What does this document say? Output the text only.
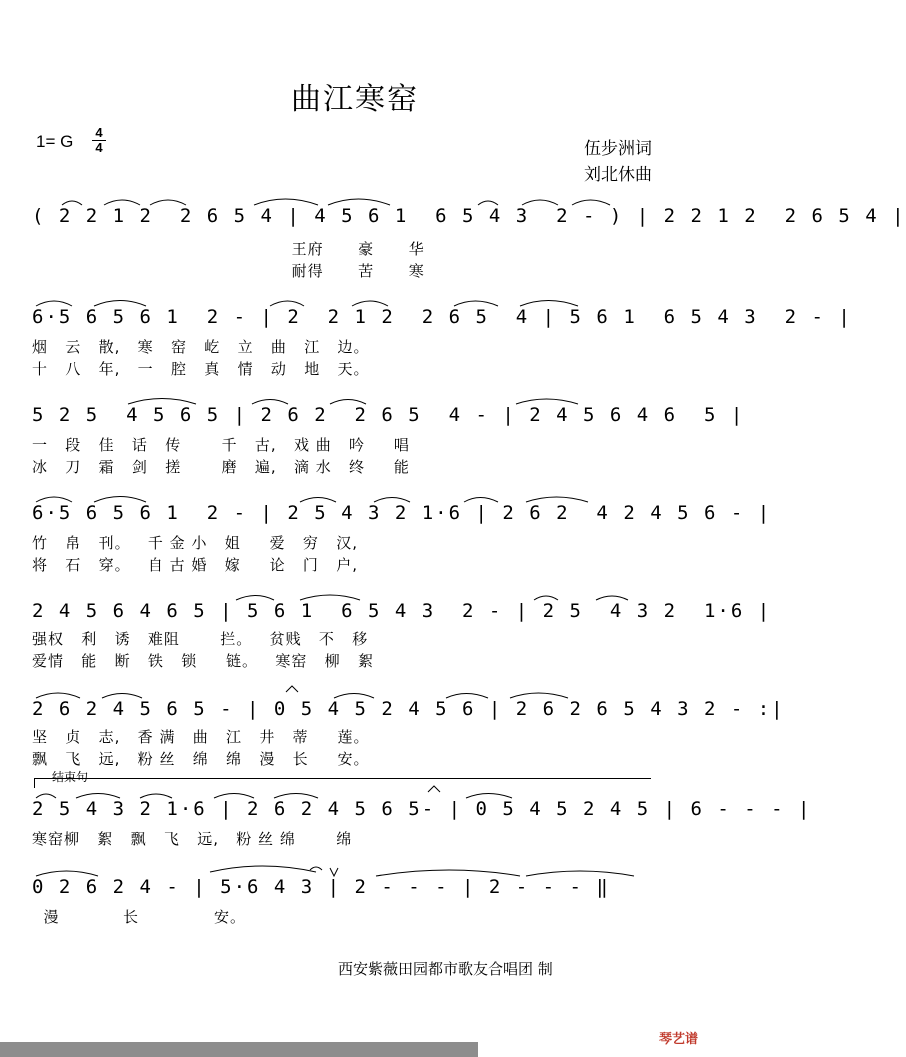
曲江寒窑
1= G 4
4	伍步洲词
刘北休曲
( 2 2 1 2  2 6 5 4 | 4 5 6 1  6 5 4 3  2 - ) | 2 2 1 2  2 6 5 4 |
王府      豪      华
耐得      苦      寒
6·5 6 5 6 1  2 - | 2  2 1 2  2 6 5  4 | 5 6 1  6 5 4 3  2 - |
烟   云   散,   寒   窑   屹   立   曲   江   边。
十   八   年,   一   腔   真   情   动   地   天。
5 2 5  4 5 6 5 | 2 6 2  2 6 5  4 - | 2 4 5 6 4 6  5 |
一   段   佳   话   传       千   古,   戏 曲   吟     唱
冰   刀   霜   剑   搓       磨   遍,   滴 水   终     能
6·5 6 5 6 1  2 - | 2 5 4 3 2 1·6 | 2 6 2  4 2 4 5 6 - |
竹   帛   刊。   千 金 小   姐     爱   穷   汉,
将   石   穿。   自 古 婚   嫁     论   门   户,
2 4 5 6 4 6 5 | 5 6 1  6 5 4 3  2 - | 2 5  4 3 2  1·6 |
强权   利   诱   难阻       拦。   贫贱   不   移
爱情   能   断   铁   锁     链。   寒窑   柳   絮
2 6 2 4 5 6 5 - | 0 5 4 5 2 4 5 6 | 2 6 2 6 5 4 3 2 - :|
坚   贞   志,   香 满   曲   江   井   蒂     莲。
飘   飞   远,   粉 丝   绵   绵   漫   长     安。
结束句
2 5 4 3 2 1·6 | 2 6 2 4 5 6 5- | 0 5 4 5 2 4 5 | 6 - - - |
寒窑柳   絮   飘   飞   远,   粉 丝 绵       绵
0 2 6 2 4 - | 5·6 4 3 | 2 - - - | 2 - - - ‖
漫           长             安。
西安紫薇田园都市歌友合唱团 制
琴艺谱
